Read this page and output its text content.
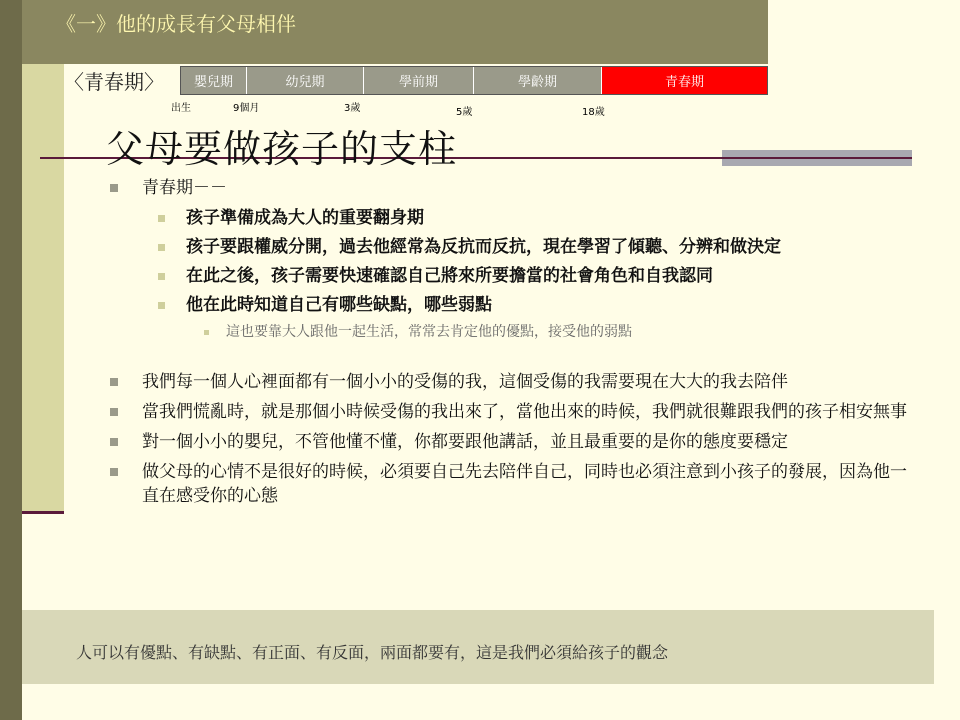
《一》他的成長有父母相伴
〈青春期〉	嬰兒期	幼兒期	學前期	學齡期	青春期
出生	9個月	3歲	5歲	18歲
父母要做孩子的支柱
青春期－－
孩子準備成為大人的重要翻身期
孩子要跟權威分開，過去他經常為反抗而反抗，現在學習了傾聽、分辨和做決定
在此之後，孩子需要快速確認自己將來所要擔當的社會角色和自我認同
他在此時知道自己有哪些缺點，哪些弱點
這也要靠大人跟他一起生活，常常去肯定他的優點，接受他的弱點
我們每一個人心裡面都有一個小小的受傷的我，這個受傷的我需要現在大大的我去陪伴
當我們慌亂時，就是那個小時候受傷的我出來了，當他出來的時候，我們就很難跟我們的孩子相安無事
對一個小小的嬰兒，不管他懂不懂，你都要跟他講話，並且最重要的是你的態度要穩定
做父母的心情不是很好的時候，必須要自己先去陪伴自己，同時也必須注意到小孩子的發展，因為他一直在感受你的心態
人可以有優點、有缺點、有正面、有反面，兩面都要有，這是我們必須給孩子的觀念
